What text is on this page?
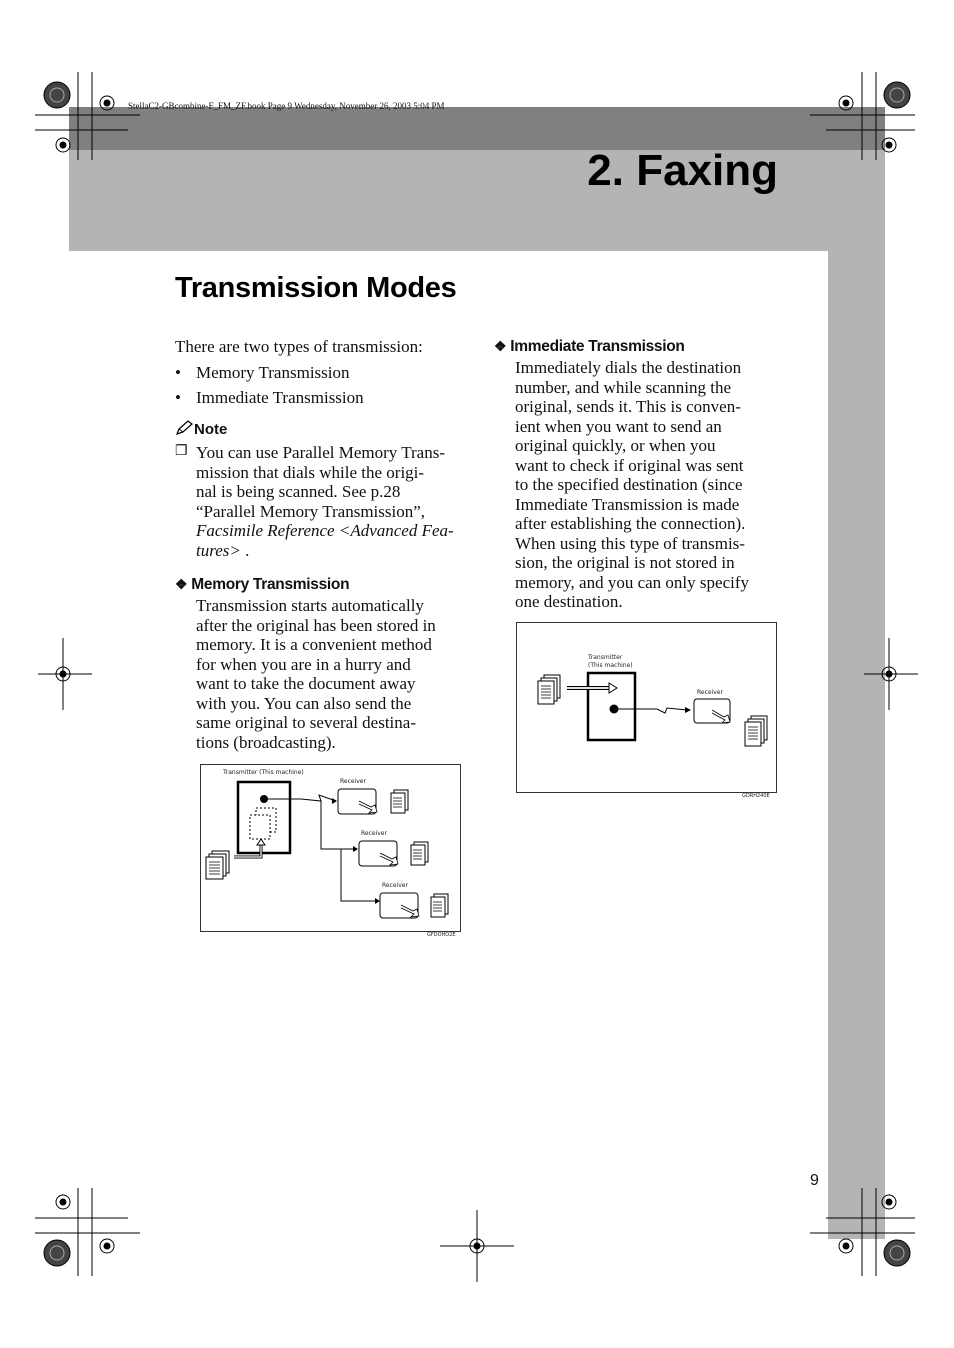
StellaC2-GBcombine-F_FM_ZF.book Page 9 Wednesday, November 26, 2003 5:04 PM
2. Faxing
Transmission Modes
There are two types of transmission:
• Memory Transmission
• Immediate Transmission
Note
❐ You can use Parallel Memory Trans-
mission that dials while the origi-
nal is being scanned. See p.28
“Parallel Memory Transmission”,
Facsimile Reference <Advanced Fea-
tures> .
❖ Memory Transmission
Transmission starts automatically
after the original has been stored in
memory. It is a convenient method
for when you are in a hurry and
want to take the document away
with you. You can also send the
same original to several destina-
tions (broadcasting).
Transmitter (This machine)
Receiver
Receiver
Receiver
GFDOHO2E
❖ Immediate Transmission
Immediately dials the destination
number, and while scanning the
original, sends it. This is conven-
ient when you want to send an
original quickly, or when you
want to check if original was sent
to the specified destination (since
Immediate Transmission is made
after establishing the connection).
When using this type of transmis-
sion, the original is not stored in
memory, and you can only specify
one destination.
Transmitter
(This machine)
Receiver
GDRH240E
9
